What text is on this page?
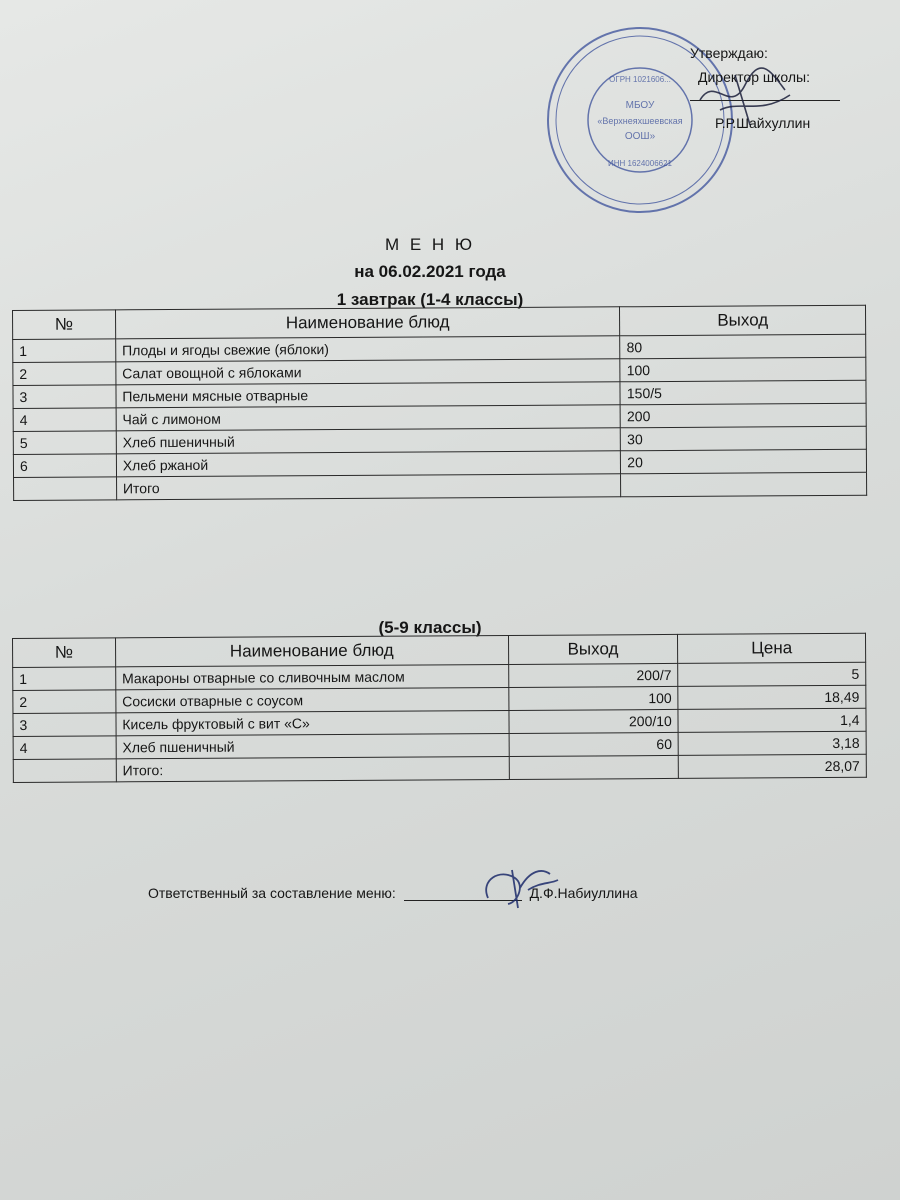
МБОУ
«Верхнеяхшеевская
ООШ»
ОГРН 1021606...
ИНН 1624006621
Утверждаю:
Директор школы:
Р.Р.Шайхуллин
М Е Н Ю
на 06.02.2021 года
1 завтрак (1-4 классы)
№	Наименование блюд	Выход
1	Плоды и ягоды свежие (яблоки)	80
2	Салат овощной с яблоками	100
3	Пельмени мясные отварные	150/5
4	Чай с лимоном	200
5	Хлеб пшеничный	30
6	Хлеб ржаной	20
	Итого	
(5-9 классы)
№	Наименование блюд	Выход	Цена
1	Макароны отварные со сливочным маслом	200/7	5
2	Сосиски отварные с соусом	100	18,49
3	Кисель фруктовый с вит «С»	200/10	1,4
4	Хлеб пшеничный	60	3,18
	Итого:		28,07
Ответственный за составление меню:	Д.Ф.Набиуллина
